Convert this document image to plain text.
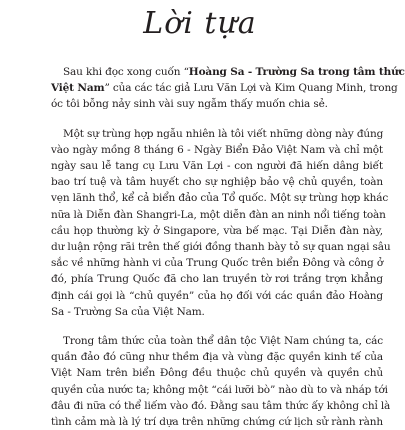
Lời tựa
Sau khi đọc xong cuốn “Hoàng Sa - Trường Sa trong tâm thức
Việt Nam” của các tác giả Lưu Văn Lợi và Kim Quang Minh, trong
óc tôi bỗng nảy sinh vài suy ngẫm thấy muốn chia sẻ.
Một sự trùng hợp ngẫu nhiên là tôi viết những dòng này đúng
vào ngày mồng 8 tháng 6 - Ngày Biển Đảo Việt Nam và chỉ một
ngày sau lễ tang cụ Lưu Văn Lợi - con người đã hiến dâng biết
bao trí tuệ và tâm huyết cho sự nghiệp bảo vệ chủ quyền, toàn
vẹn lãnh thổ, kể cả biển đảo của Tổ quốc. Một sự trùng hợp khác
nữa là Diễn đàn Shangri-La, một diễn đàn an ninh nổi tiếng toàn
cầu họp thường kỳ ở Singapore, vừa bế mạc. Tại Diễn đàn này,
dư luận rộng rãi trên thế giới đồng thanh bày tỏ sự quan ngại sâu
sắc về những hành vi của Trung Quốc trên biển Đông và công ở
đó, phía Trung Quốc đã cho lan truyền tờ rơi trắng trợn khẳng
định cái gọi là “chủ quyền” của họ đối với các quần đảo Hoàng
Sa - Trường Sa của Việt Nam.
Trong tâm thức của toàn thể dân tộc Việt Nam chúng ta, các
quần đảo đó cũng như thềm địa và vùng đặc quyền kinh tế của
Việt Nam trên biển Đông đều thuộc chủ quyền và quyền chủ
quyền của nước ta; không một “cái lưỡi bò” nào dù to và nháp tới
đâu đi nữa có thể liếm vào đó. Đằng sau tâm thức ấy không chỉ là
tình cảm mà là lý trí dựa trên những chứng cứ lịch sử rành rành
